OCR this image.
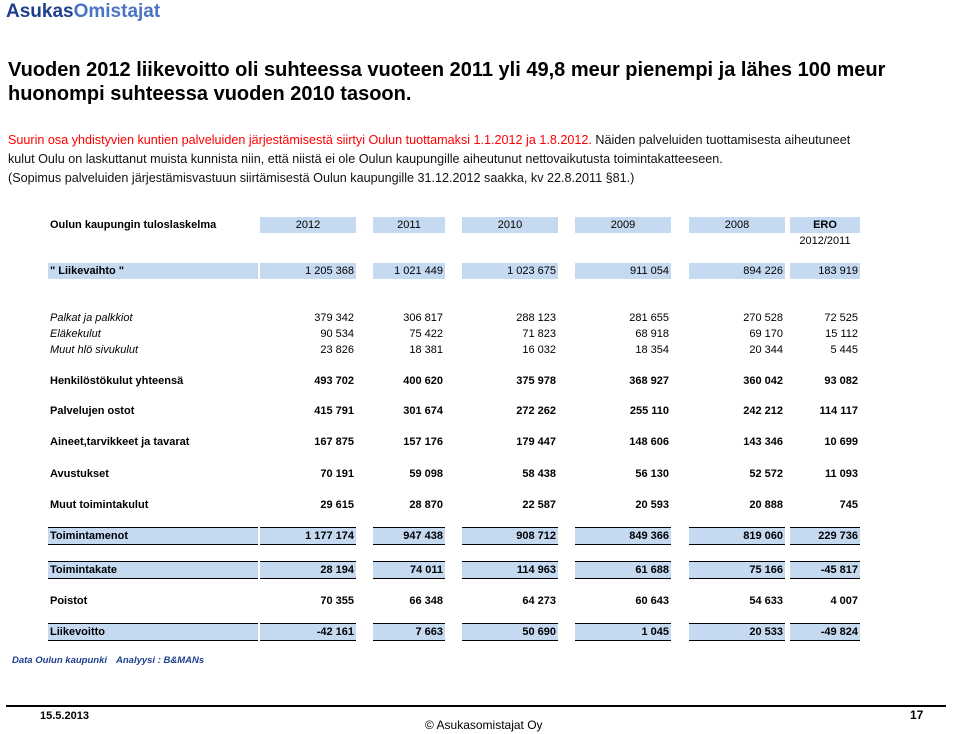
AsukasOmistajat
Vuoden 2012 liikevoitto oli suhteessa vuoteen 2011 yli 49,8 meur pienempi ja lähes 100 meur huonompi suhteessa vuoden 2010 tasoon.
Suurin osa yhdistyvien kuntien palveluiden järjestämisestä siirtyi Oulun tuottamaksi 1.1.2012 ja 1.8.2012. Näiden palveluiden tuottamisesta aiheutuneet
kulut Oulu on laskuttanut muista kunnista niin, että niistä ei ole Oulun kaupungille aiheutunut nettovaikutusta toimintakatteeseen.
(Sopimus palveluiden järjestämisvastuun siirtämisestä Oulun kaupungille 31.12.2012 saakka, kv 22.8.2011 §81.)
Oulun kaupungin tuloslaskelma	2012	2011	2010	2009	2008	ERO
2012/2011
" Liikevaihto "	1 205 368	1 021 449	1 023 675	911 054	894 226	183 919
Palkat ja palkkiot	379 342	306 817	288 123	281 655	270 528	72 525
Eläkekulut	90 534	75 422	71 823	68 918	69 170	15 112
Muut hlö sivukulut	23 826	18 381	16 032	18 354	20 344	5 445
Henkilöstökulut yhteensä	493 702	400 620	375 978	368 927	360 042	93 082
Palvelujen ostot	415 791	301 674	272 262	255 110	242 212	114 117
Aineet,tarvikkeet ja tavarat	167 875	157 176	179 447	148 606	143 346	10 699
Avustukset	70 191	59 098	58 438	56 130	52 572	11 093
Muut toimintakulut	29 615	28 870	22 587	20 593	20 888	745
Toimintamenot	1 177 174	947 438	908 712	849 366	819 060	229 736
Toimintakate	28 194	74 011	114 963	61 688	75 166	-45 817
Poistot	70 355	66 348	64 273	60 643	54 633	4 007
Liikevoitto	-42 161	7 663	50 690	1 045	20 533	-49 824
Data Oulun kaupunki Analyysi : B&MANs
15.5.2013
© Asukasomistajat Oy
17
